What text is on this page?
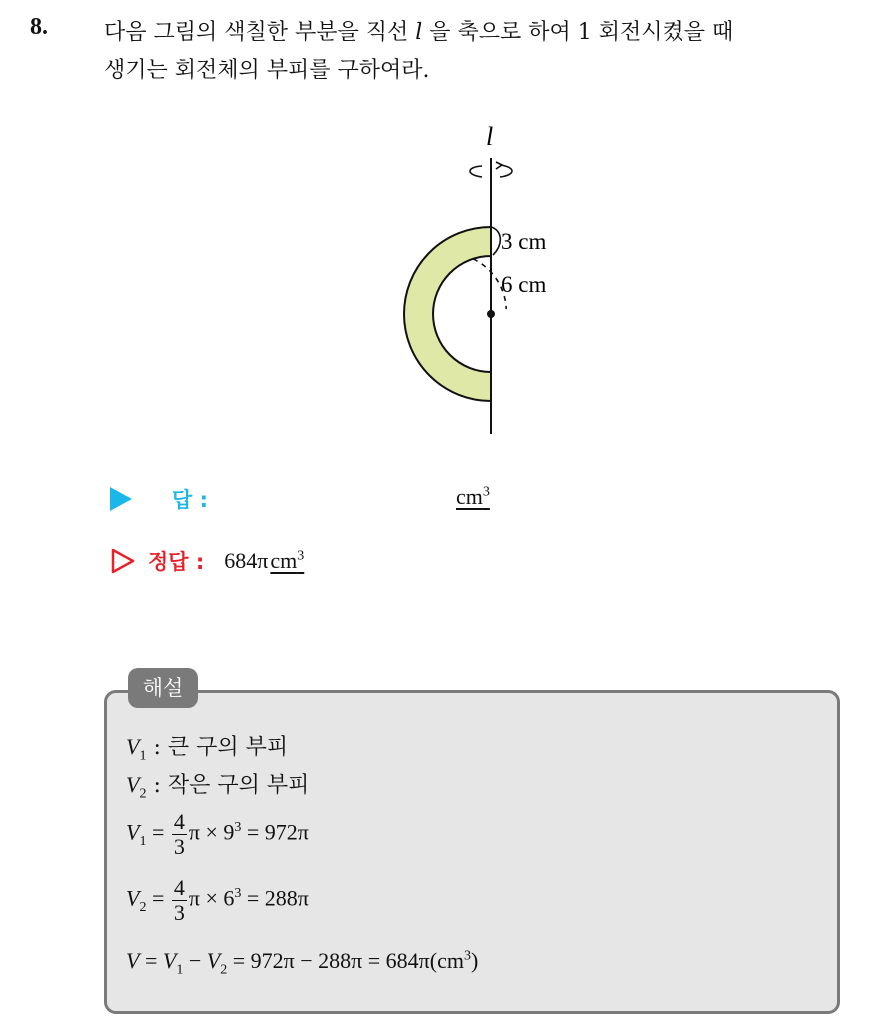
8.	다음 그림의 색칠한 부분을 직선 l 을 축으로 하여 1 회전시켰을 때
생기는 회전체의 부피를 구하여라.
l
3 cm
6 cm
답 :	$cm^3$
정답 : 684π $cm^3$
해설
$V_1$ : 큰 구의 부피
$V_2$ : 작은 구의 부피
$V_1 = \frac{4}{3}$ $\pi \times 9^3 = 972\pi$
$V_2 = \frac{4}{3}$ $\pi \times 6^3 = 288\pi$
$V = V_1 - V_2 = 972\pi - 288\pi = 684\pi(cm^3)$
